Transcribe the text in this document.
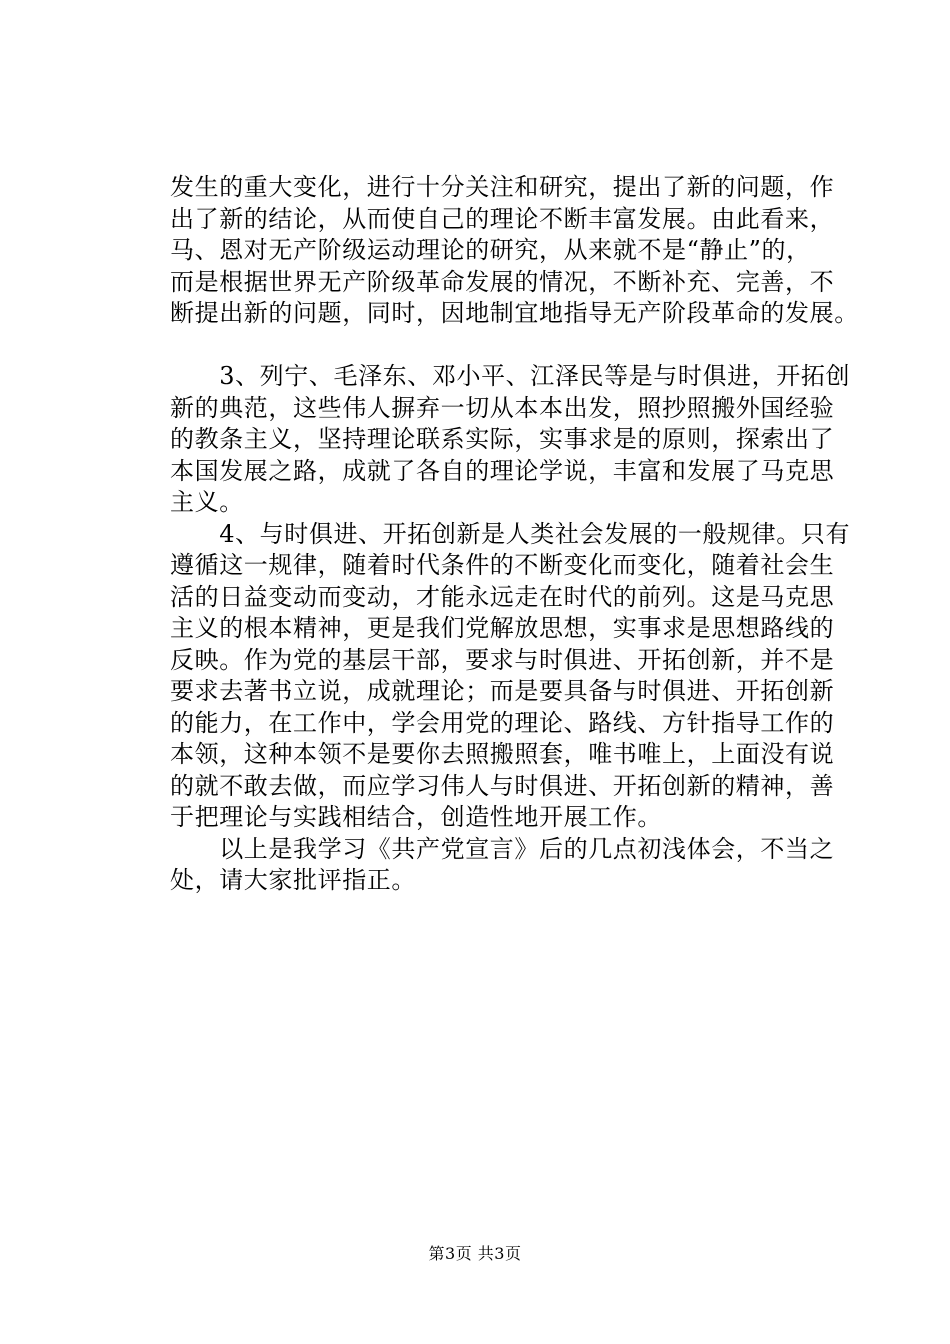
发生的重大变化，进行十分关注和研究，提出了新的问题，作
出了新的结论，从而使自己的理论不断丰富发展。由此看来，
马、恩对无产阶级运动理论的研究，从来就不是“静止”的，
而是根据世界无产阶级革命发展的情况，不断补充、完善，不
断提出新的问题，同时，因地制宜地指导无产阶段革命的发展。
　　3、列宁、毛泽东、邓小平、江泽民等是与时俱进，开拓创
新的典范，这些伟人摒弃一切从本本出发，照抄照搬外国经验
的教条主义，坚持理论联系实际，实事求是的原则，探索出了
本国发展之路，成就了各自的理论学说，丰富和发展了马克思
主义。
　　4、与时俱进、开拓创新是人类社会发展的一般规律。只有
遵循这一规律，随着时代条件的不断变化而变化，随着社会生
活的日益变动而变动，才能永远走在时代的前列。这是马克思
主义的根本精神，更是我们党解放思想，实事求是思想路线的
反映。作为党的基层干部，要求与时俱进、开拓创新，并不是
要求去著书立说，成就理论；而是要具备与时俱进、开拓创新
的能力，在工作中，学会用党的理论、路线、方针指导工作的
本领，这种本领不是要你去照搬照套，唯书唯上，上面没有说
的就不敢去做，而应学习伟人与时俱进、开拓创新的精神，善
于把理论与实践相结合，创造性地开展工作。
　　以上是我学习《共产党宣言》后的几点初浅体会，不当之
处，请大家批评指正。
第3页 共3页
